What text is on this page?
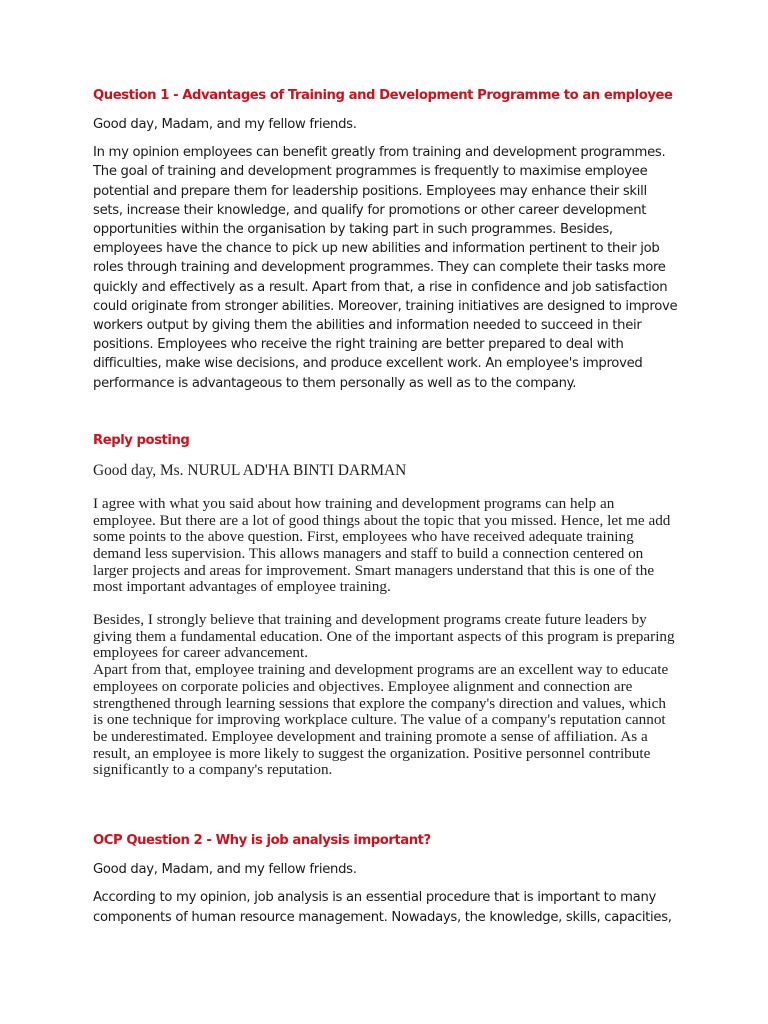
Question 1 - Advantages of Training and Development Programme to an employee

Good day, Madam, and my fellow friends.

In my opinion employees can benefit greatly from training and development programmes. The goal of training and development programmes is frequently to maximise employee potential and prepare them for leadership positions. Employees may enhance their skill sets, increase their knowledge, and qualify for promotions or other career development opportunities within the organisation by taking part in such programmes. Besides, employees have the chance to pick up new abilities and information pertinent to their job roles through training and development programmes. They can complete their tasks more quickly and effectively as a result. Apart from that, a rise in confidence and job satisfaction could originate from stronger abilities. Moreover, training initiatives are designed to improve workers output by giving them the abilities and information needed to succeed in their positions. Employees who receive the right training are better prepared to deal with difficulties, make wise decisions, and produce excellent work. An employee's improved performance is advantageous to them personally as well as to the company.

Reply posting

Good day, Ms. NURUL AD'HA BINTI DARMAN

I agree with what you said about how training and development programs can help an employee. But there are a lot of good things about the topic that you missed. Hence, let me add some points to the above question. First, employees who have received adequate training demand less supervision. This allows managers and staff to build a connection centered on larger projects and areas for improvement. Smart managers understand that this is one of the most important advantages of employee training.

Besides, I strongly believe that training and development programs create future leaders by giving them a fundamental education. One of the important aspects of this program is preparing employees for career advancement.

Apart from that, employee training and development programs are an excellent way to educate employees on corporate policies and objectives. Employee alignment and connection are strengthened through learning sessions that explore the company's direction and values, which is one technique for improving workplace culture. The value of a company's reputation cannot be underestimated. Employee development and training promote a sense of affiliation. As a result, an employee is more likely to suggest the organization. Positive personnel contribute significantly to a company's reputation.

OCP Question 2 - Why is job analysis important?

Good day, Madam, and my fellow friends.

According to my opinion, job analysis is an essential procedure that is important to many components of human resource management. Nowadays, the knowledge, skills, capacities,
